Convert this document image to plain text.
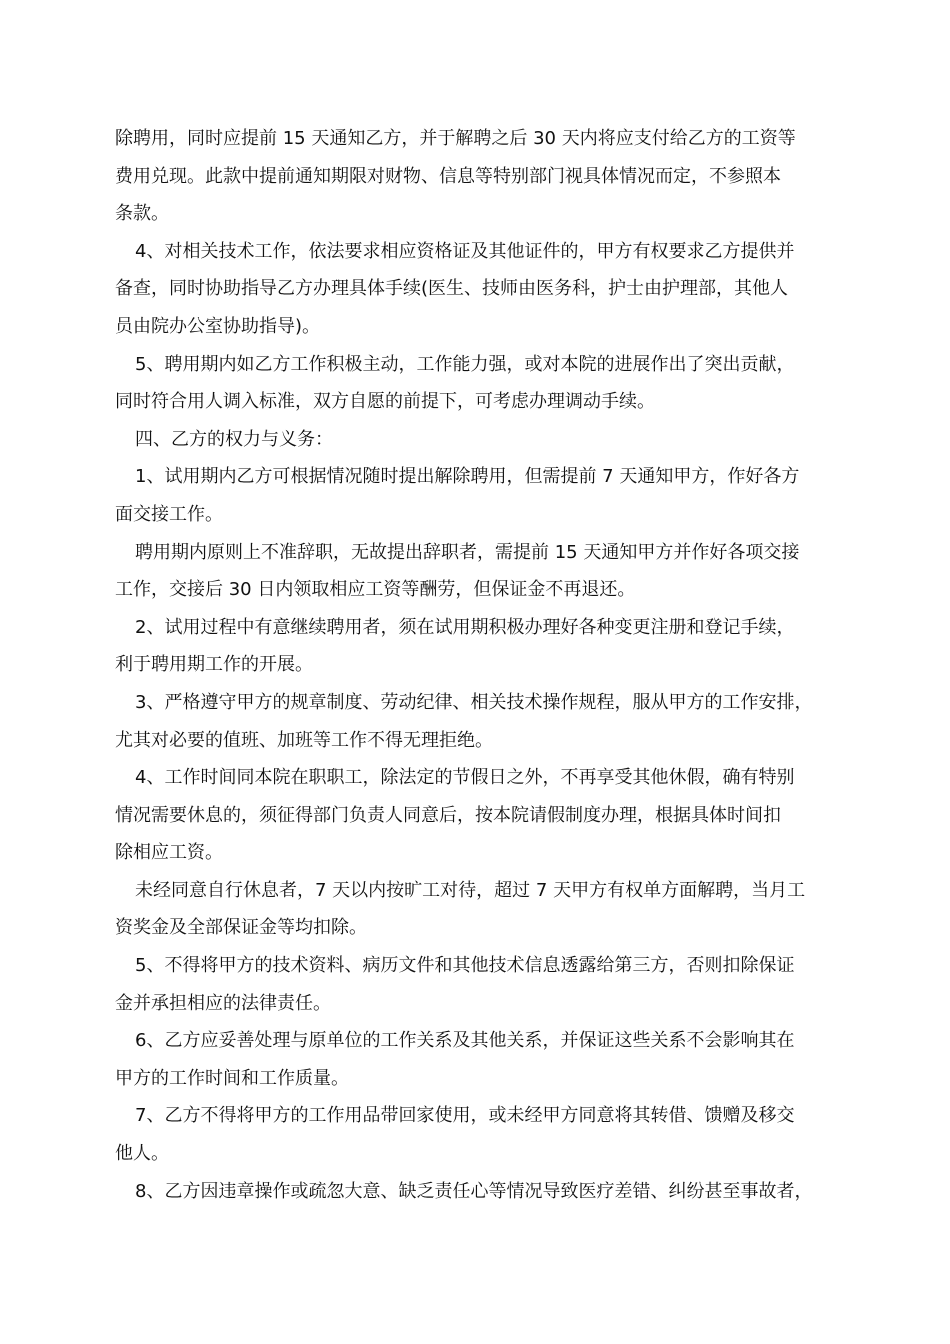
除聘用，同时应提前 15 天通知乙方，并于解聘之后 30 天内将应支付给乙方的工资等
费用兑现。此款中提前通知期限对财物、信息等特别部门视具体情况而定，不参照本
条款。
4、对相关技术工作，依法要求相应资格证及其他证件的，甲方有权要求乙方提供并
备查，同时协助指导乙方办理具体手续(医生、技师由医务科，护士由护理部，其他人
员由院办公室协助指导)。
5、聘用期内如乙方工作积极主动，工作能力强，或对本院的进展作出了突出贡献，
同时符合用人调入标准，双方自愿的前提下，可考虑办理调动手续。
四、乙方的权力与义务：
1、试用期内乙方可根据情况随时提出解除聘用，但需提前 7 天通知甲方，作好各方
面交接工作。
聘用期内原则上不准辞职，无故提出辞职者，需提前 15 天通知甲方并作好各项交接
工作，交接后 30 日内领取相应工资等酬劳，但保证金不再退还。
2、试用过程中有意继续聘用者，须在试用期积极办理好各种变更注册和登记手续，
利于聘用期工作的开展。
3、严格遵守甲方的规章制度、劳动纪律、相关技术操作规程，服从甲方的工作安排，
尤其对必要的值班、加班等工作不得无理拒绝。
4、工作时间同本院在职职工，除法定的节假日之外，不再享受其他休假，确有特别
情况需要休息的，须征得部门负责人同意后，按本院请假制度办理，根据具体时间扣
除相应工资。
未经同意自行休息者，7 天以内按旷工对待，超过 7 天甲方有权单方面解聘，当月工
资奖金及全部保证金等均扣除。
5、不得将甲方的技术资料、病历文件和其他技术信息透露给第三方，否则扣除保证
金并承担相应的法律责任。
6、乙方应妥善处理与原单位的工作关系及其他关系，并保证这些关系不会影响其在
甲方的工作时间和工作质量。
7、乙方不得将甲方的工作用品带回家使用，或未经甲方同意将其转借、馈赠及移交
他人。
8、乙方因违章操作或疏忽大意、缺乏责任心等情况导致医疗差错、纠纷甚至事故者，
